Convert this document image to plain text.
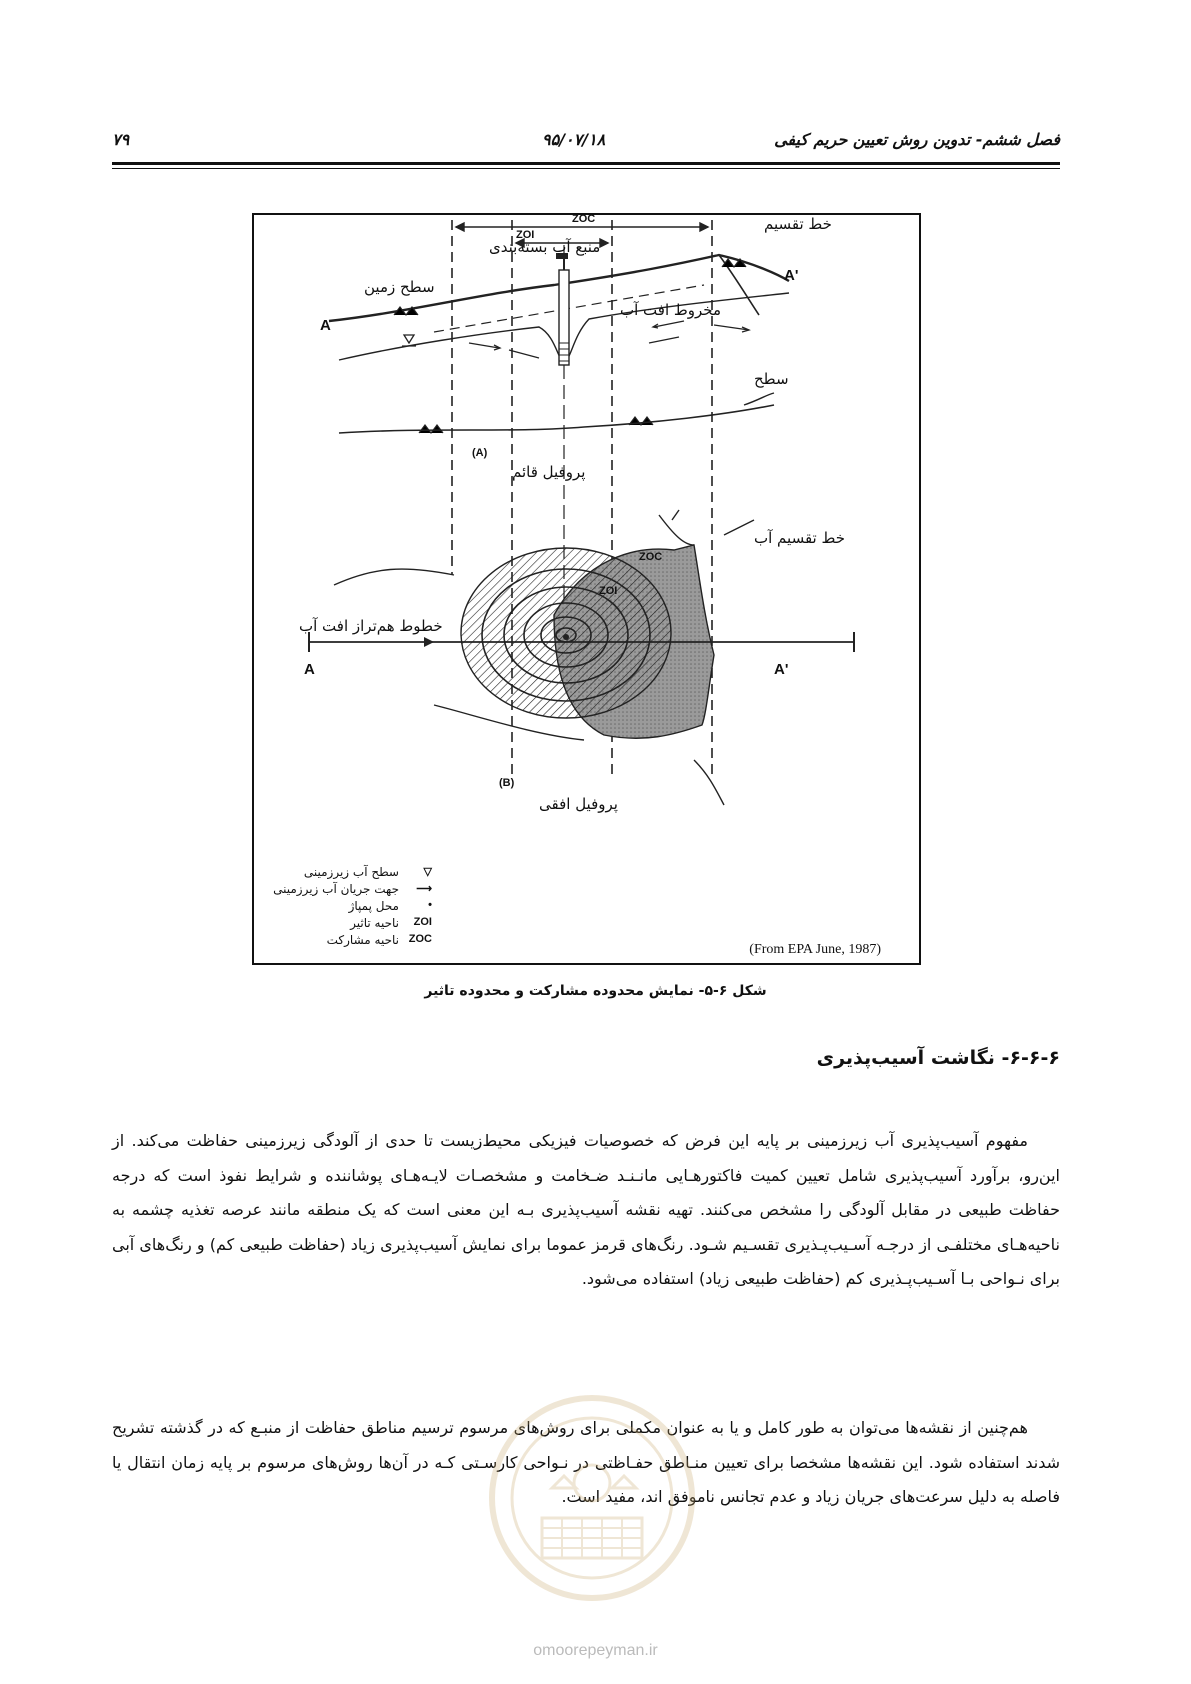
فصل ششم- تدوین روش تعیین حریم کیفی
۹۵/۰۷/۱۸
۷۹
خط تقسیم
منبع آب بسته‌بندی
سطح زمین
مخروط افت آب
سطح
پروفیل قائم
خط تقسیم آب
خطوط هم‌تراز افت آب
پروفیل افقی
ZOC
ZOI
A
A'
(A)
ZOC
ZOI
A	A'
(B)
سطح آب زیرزمینی ▽
جهت جریان آب زیرزمینی ⟶
محل پمپاژ	•
ناحیه تاثیر ZOI
ناحیه مشارکت ZOC
(From EPA June, 1987)
شکل ۶-۵- نمایش محدوده مشارکت و محدوده تاثیر
۶-۶-۶- نگاشت آسیب‌پذیری

مفهوم آسیب‌پذیری آب زیرزمینی بر پایه این فرض که خصوصیات فیزیکی محیط‌زیست تا حدی از آلودگی زیرزمینی حفاظت می‌کند. از این‌رو، برآورد آسیب‌پذیری شامل تعیین کمیت فاکتورهـایی مانـنـد ضـخامت و مشخصـات لایـه‌هـای پوشاننده و شرایط نفوذ است که درجه حفاظت طبیعی در مقابل آلودگی را مشخص می‌کنند. تهیه نقشه آسیب‌پذیری بـه این معنی است که یک منطقه مانند عرصه تغذیه چشمه به ناحیه‌هـای مختلفـی از درجـه آسـیب‌پـذیری تقسـیم شـود. رنگ‌های قرمز عموما برای نمایش آسیب‌پذیری زیاد (حفاظت طبیعی کم) و رنگ‌های آبی برای نـواحی بـا آسـیب‌پـذیری کم (حفاظت طبیعی زیاد) استفاده می‌شود.

هم‌چنین از نقشه‌ها می‌توان به طور کامل و یا به عنوان مکملی برای روش‌های مرسوم ترسیم مناطق حفاظت از منبـع که در گذشته تشریح شدند استفاده شود. این نقشه‌ها مشخصا برای تعیین منـاطق حفـاظتی در نـواحی کارسـتی کـه در آن‌ها روش‌های مرسوم بر پایه زمان انتقال یا فاصله به دلیل سرعت‌های جریان زیاد و عدم تجانس ناموفق اند، مفید است.

omoorepeyman.ir
